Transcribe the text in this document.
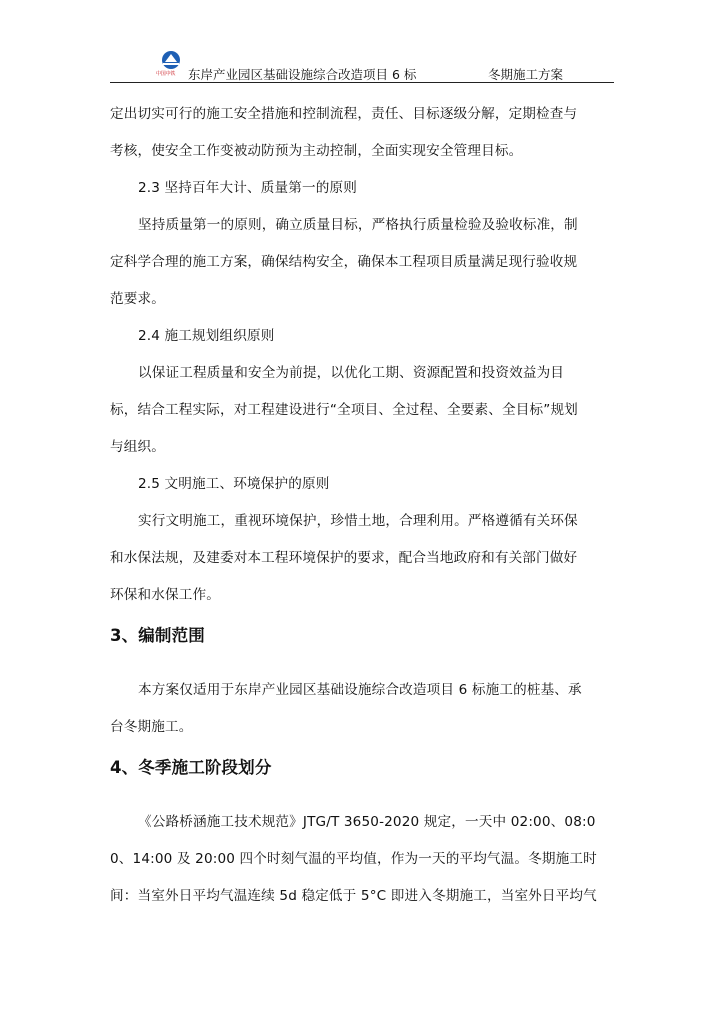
中国中铁 东岸产业园区基础设施综合改造项目 6 标	冬期施工方案
定出切实可行的施工安全措施和控制流程，责任、目标逐级分解，定期检查与
考核，使安全工作变被动防预为主动控制，全面实现安全管理目标。
2.3 坚持百年大计、质量第一的原则
坚持质量第一的原则，确立质量目标，严格执行质量检验及验收标准，制
定科学合理的施工方案，确保结构安全，确保本工程项目质量满足现行验收规
范要求。
2.4 施工规划组织原则
以保证工程质量和安全为前提，以优化工期、资源配置和投资效益为目
标，结合工程实际，对工程建设进行“全项目、全过程、全要素、全目标”规划
与组织。
2.5 文明施工、环境保护的原则
实行文明施工，重视环境保护，珍惜土地，合理利用。严格遵循有关环保
和水保法规，及建委对本工程环境保护的要求，配合当地政府和有关部门做好
环保和水保工作。
3、编制范围
本方案仅适用于东岸产业园区基础设施综合改造项目 6 标施工的桩基、承
台冬期施工。
4、冬季施工阶段划分
《公路桥涵施工技术规范》JTG/T 3650-2020 规定，一天中 02:00、08:0
0、14:00 及 20:00 四个时刻气温的平均值，作为一天的平均气温。冬期施工时
间：当室外日平均气温连续 5d 稳定低于 5°C 即进入冬期施工，当室外日平均气
